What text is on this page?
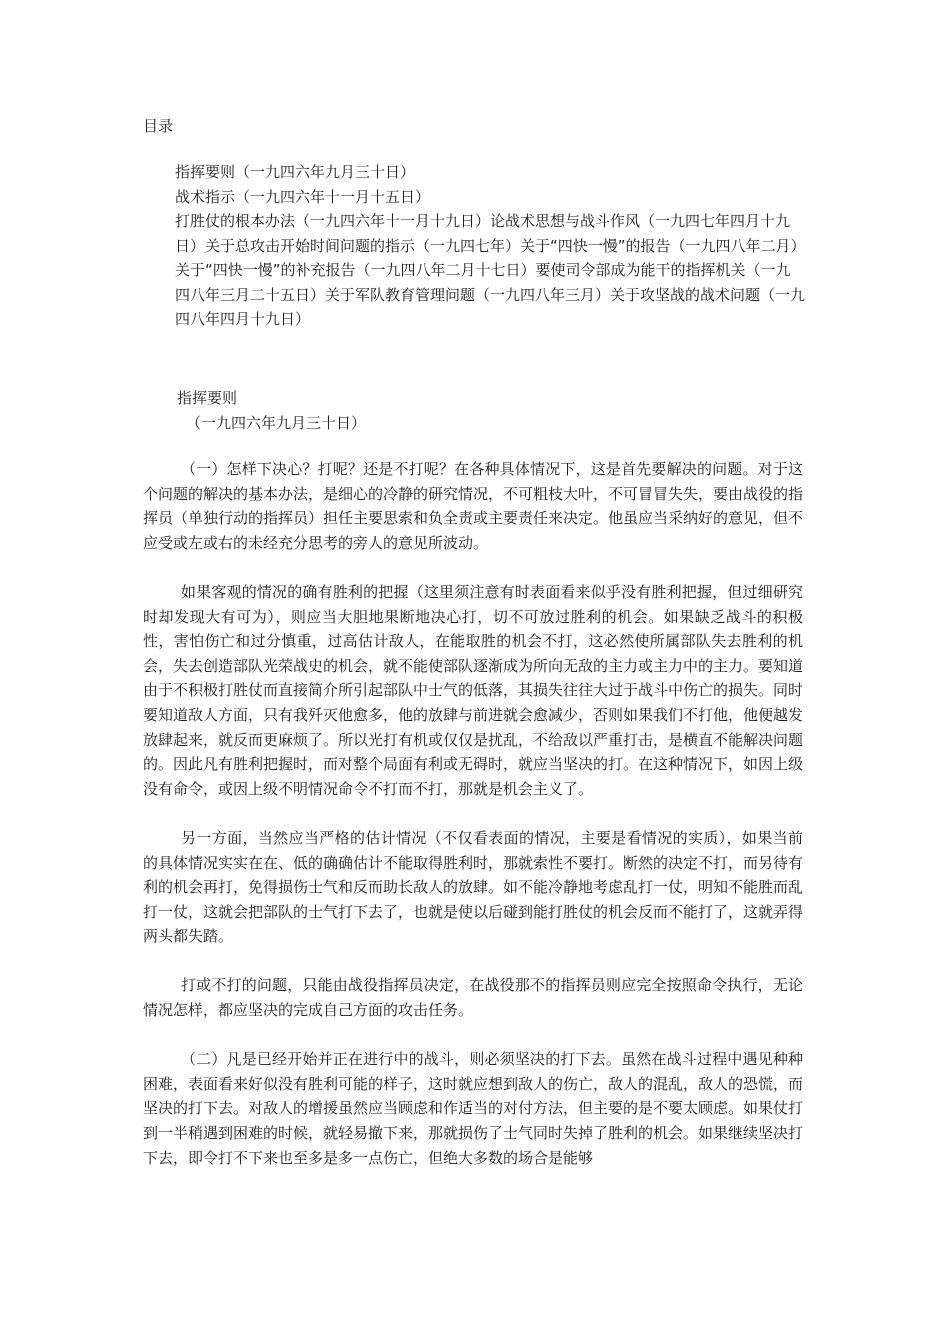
目录
指挥要则（一九四六年九月三十日）
战术指示（一九四六年十一月十五日）
打胜仗的根本办法（一九四六年十一月十九日）论战术思想与战斗作风（一九四七年四月十九日）关于总攻击开始时间问题的指示（一九四七年）关于“四快一慢”的报告（一九四八年二月）关于“四快一慢”的补充报告（一九四八年二月十七日）要使司令部成为能干的指挥机关（一九四八年三月二十五日）关于军队教育管理问题（一九四八年三月）关于攻坚战的战术问题（一九四八年四月十九日）
指挥要则
（一九四六年九月三十日）

（一）怎样下决心？打呢？还是不打呢？在各种具体情况下，这是首先要解决的问题。对于这个问题的解决的基本办法，是细心的冷静的研究情况，不可粗枝大叶，不可冒冒失失，要由战役的指挥员（单独行动的指挥员）担任主要思索和负全责或主要责任来决定。他虽应当采纳好的意见，但不应受或左或右的未经充分思考的旁人的意见所波动。

如果客观的情况的确有胜利的把握（这里须注意有时表面看来似乎没有胜利把握，但过细研究时却发现大有可为），则应当大胆地果断地决心打，切不可放过胜利的机会。如果缺乏战斗的积极性，害怕伤亡和过分慎重，过高估计敌人，在能取胜的机会不打，这必然使所属部队失去胜利的机会，失去创造部队光荣战史的机会，就不能使部队逐渐成为所向无敌的主力或主力中的主力。要知道由于不积极打胜仗而直接简介所引起部队中士气的低落，其损失往往大过于战斗中伤亡的损失。同时要知道敌人方面，只有我歼灭他愈多，他的放肆与前进就会愈减少，否则如果我们不打他，他便越发放肆起来，就反而更麻烦了。所以光打有机或仅仅是扰乱，不给敌以严重打击，是横直不能解决问题的。因此凡有胜利把握时，而对整个局面有利或无碍时，就应当坚决的打。在这种情况下，如因上级没有命令，或因上级不明情况命令不打而不打，那就是机会主义了。

另一方面，当然应当严格的估计情况（不仅看表面的情况，主要是看情况的实质），如果当前的具体情况实实在在、低的确确估计不能取得胜利时，那就索性不要打。断然的决定不打，而另待有利的机会再打，免得损伤士气和反而助长敌人的放肆。如不能冷静地考虑乱打一仗，明知不能胜而乱打一仗，这就会把部队的士气打下去了，也就是使以后碰到能打胜仗的机会反而不能打了，这就弄得两头都失踏。

打或不打的问题，只能由战役指挥员决定，在战役那不的指挥员则应完全按照命令执行，无论情况怎样，都应坚决的完成自己方面的攻击任务。

（二）凡是已经开始并正在进行中的战斗，则必须坚决的打下去。虽然在战斗过程中遇见种种困难，表面看来好似没有胜利可能的样子，这时就应想到敌人的伤亡，敌人的混乱，敌人的恐慌，而坚决的打下去。对敌人的增援虽然应当顾虑和作适当的对付方法，但主要的是不要太顾虑。如果仗打到一半稍遇到困难的时候，就轻易撤下来，那就损伤了士气同时失掉了胜利的机会。如果继续坚决打下去，即令打不下来也至多是多一点伤亡，但绝大多数的场合是能够
